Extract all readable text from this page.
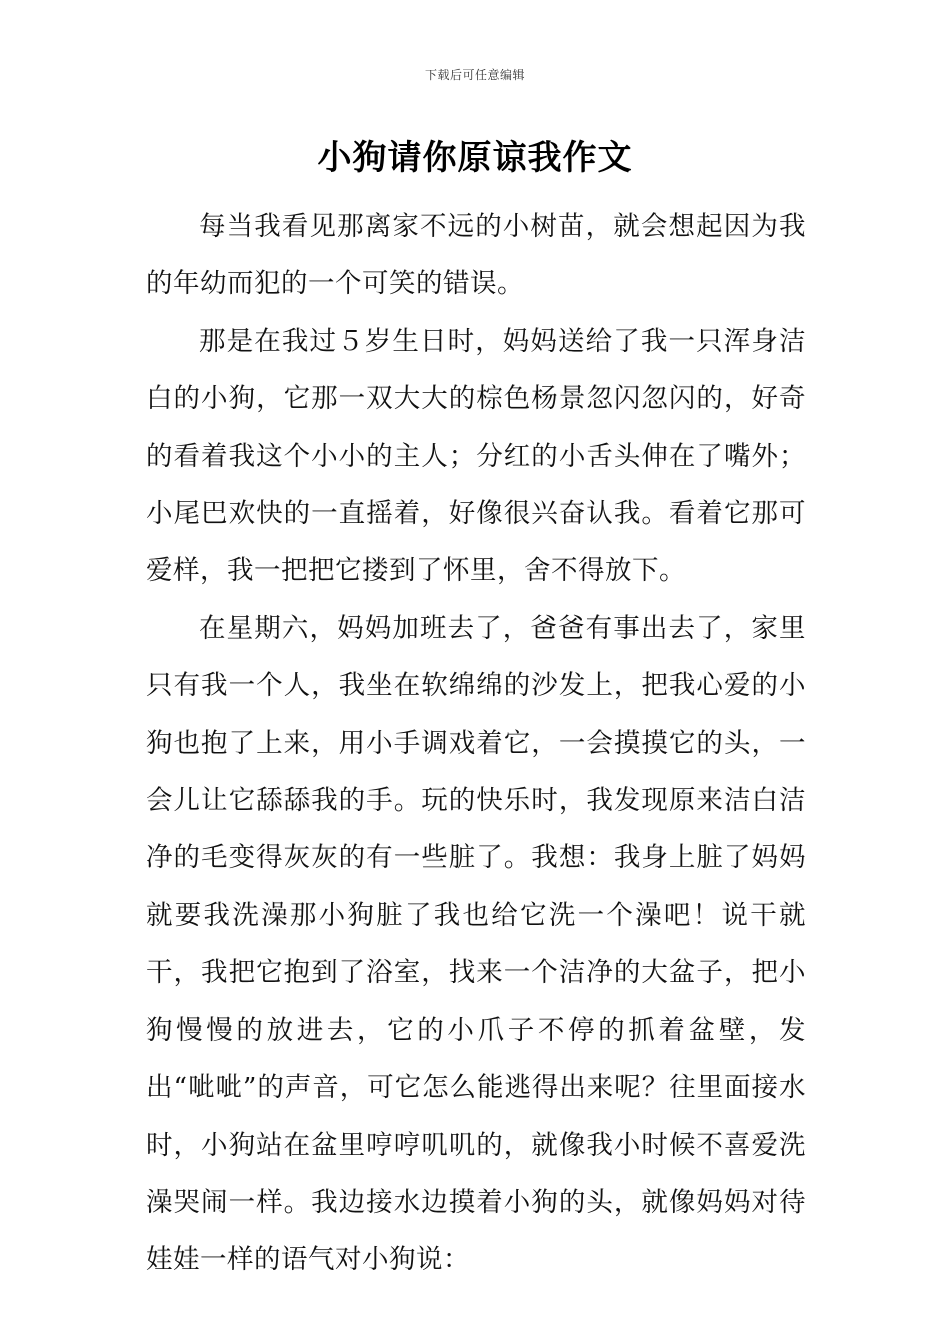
下载后可任意编辑
小狗请你原谅我作文

每当我看见那离家不远的小树苗，就会想起因为我的年幼而犯的一个可笑的错误。

那是在我过５岁生日时，妈妈送给了我一只浑身洁白的小狗，它那一双大大的棕色杨景忽闪忽闪的，好奇的看着我这个小小的主人；分红的小舌头伸在了嘴外；小尾巴欢快的一直摇着，好像很兴奋认我。看着它那可爱样，我一把把它搂到了怀里，舍不得放下。

在星期六，妈妈加班去了，爸爸有事出去了，家里只有我一个人，我坐在软绵绵的沙发上，把我心爱的小狗也抱了上来，用小手调戏着它，一会摸摸它的头，一会儿让它舔舔我的手。玩的快乐时，我发现原来洁白洁净的毛变得灰灰的有一些脏了。我想：我身上脏了妈妈就要我洗澡那小狗脏了我也给它洗一个澡吧！说干就干，我把它抱到了浴室，找来一个洁净的大盆子，把小狗慢慢的放进去，它的小爪子不停的抓着盆壁，发出“呲呲”的声音，可它怎么能逃得出来呢？往里面接水时，小狗站在盆里哼哼叽叽的，就像我小时候不喜爱洗澡哭闹一样。我边接水边摸着小狗的头，就像妈妈对待娃娃一样的语气对小狗说：
